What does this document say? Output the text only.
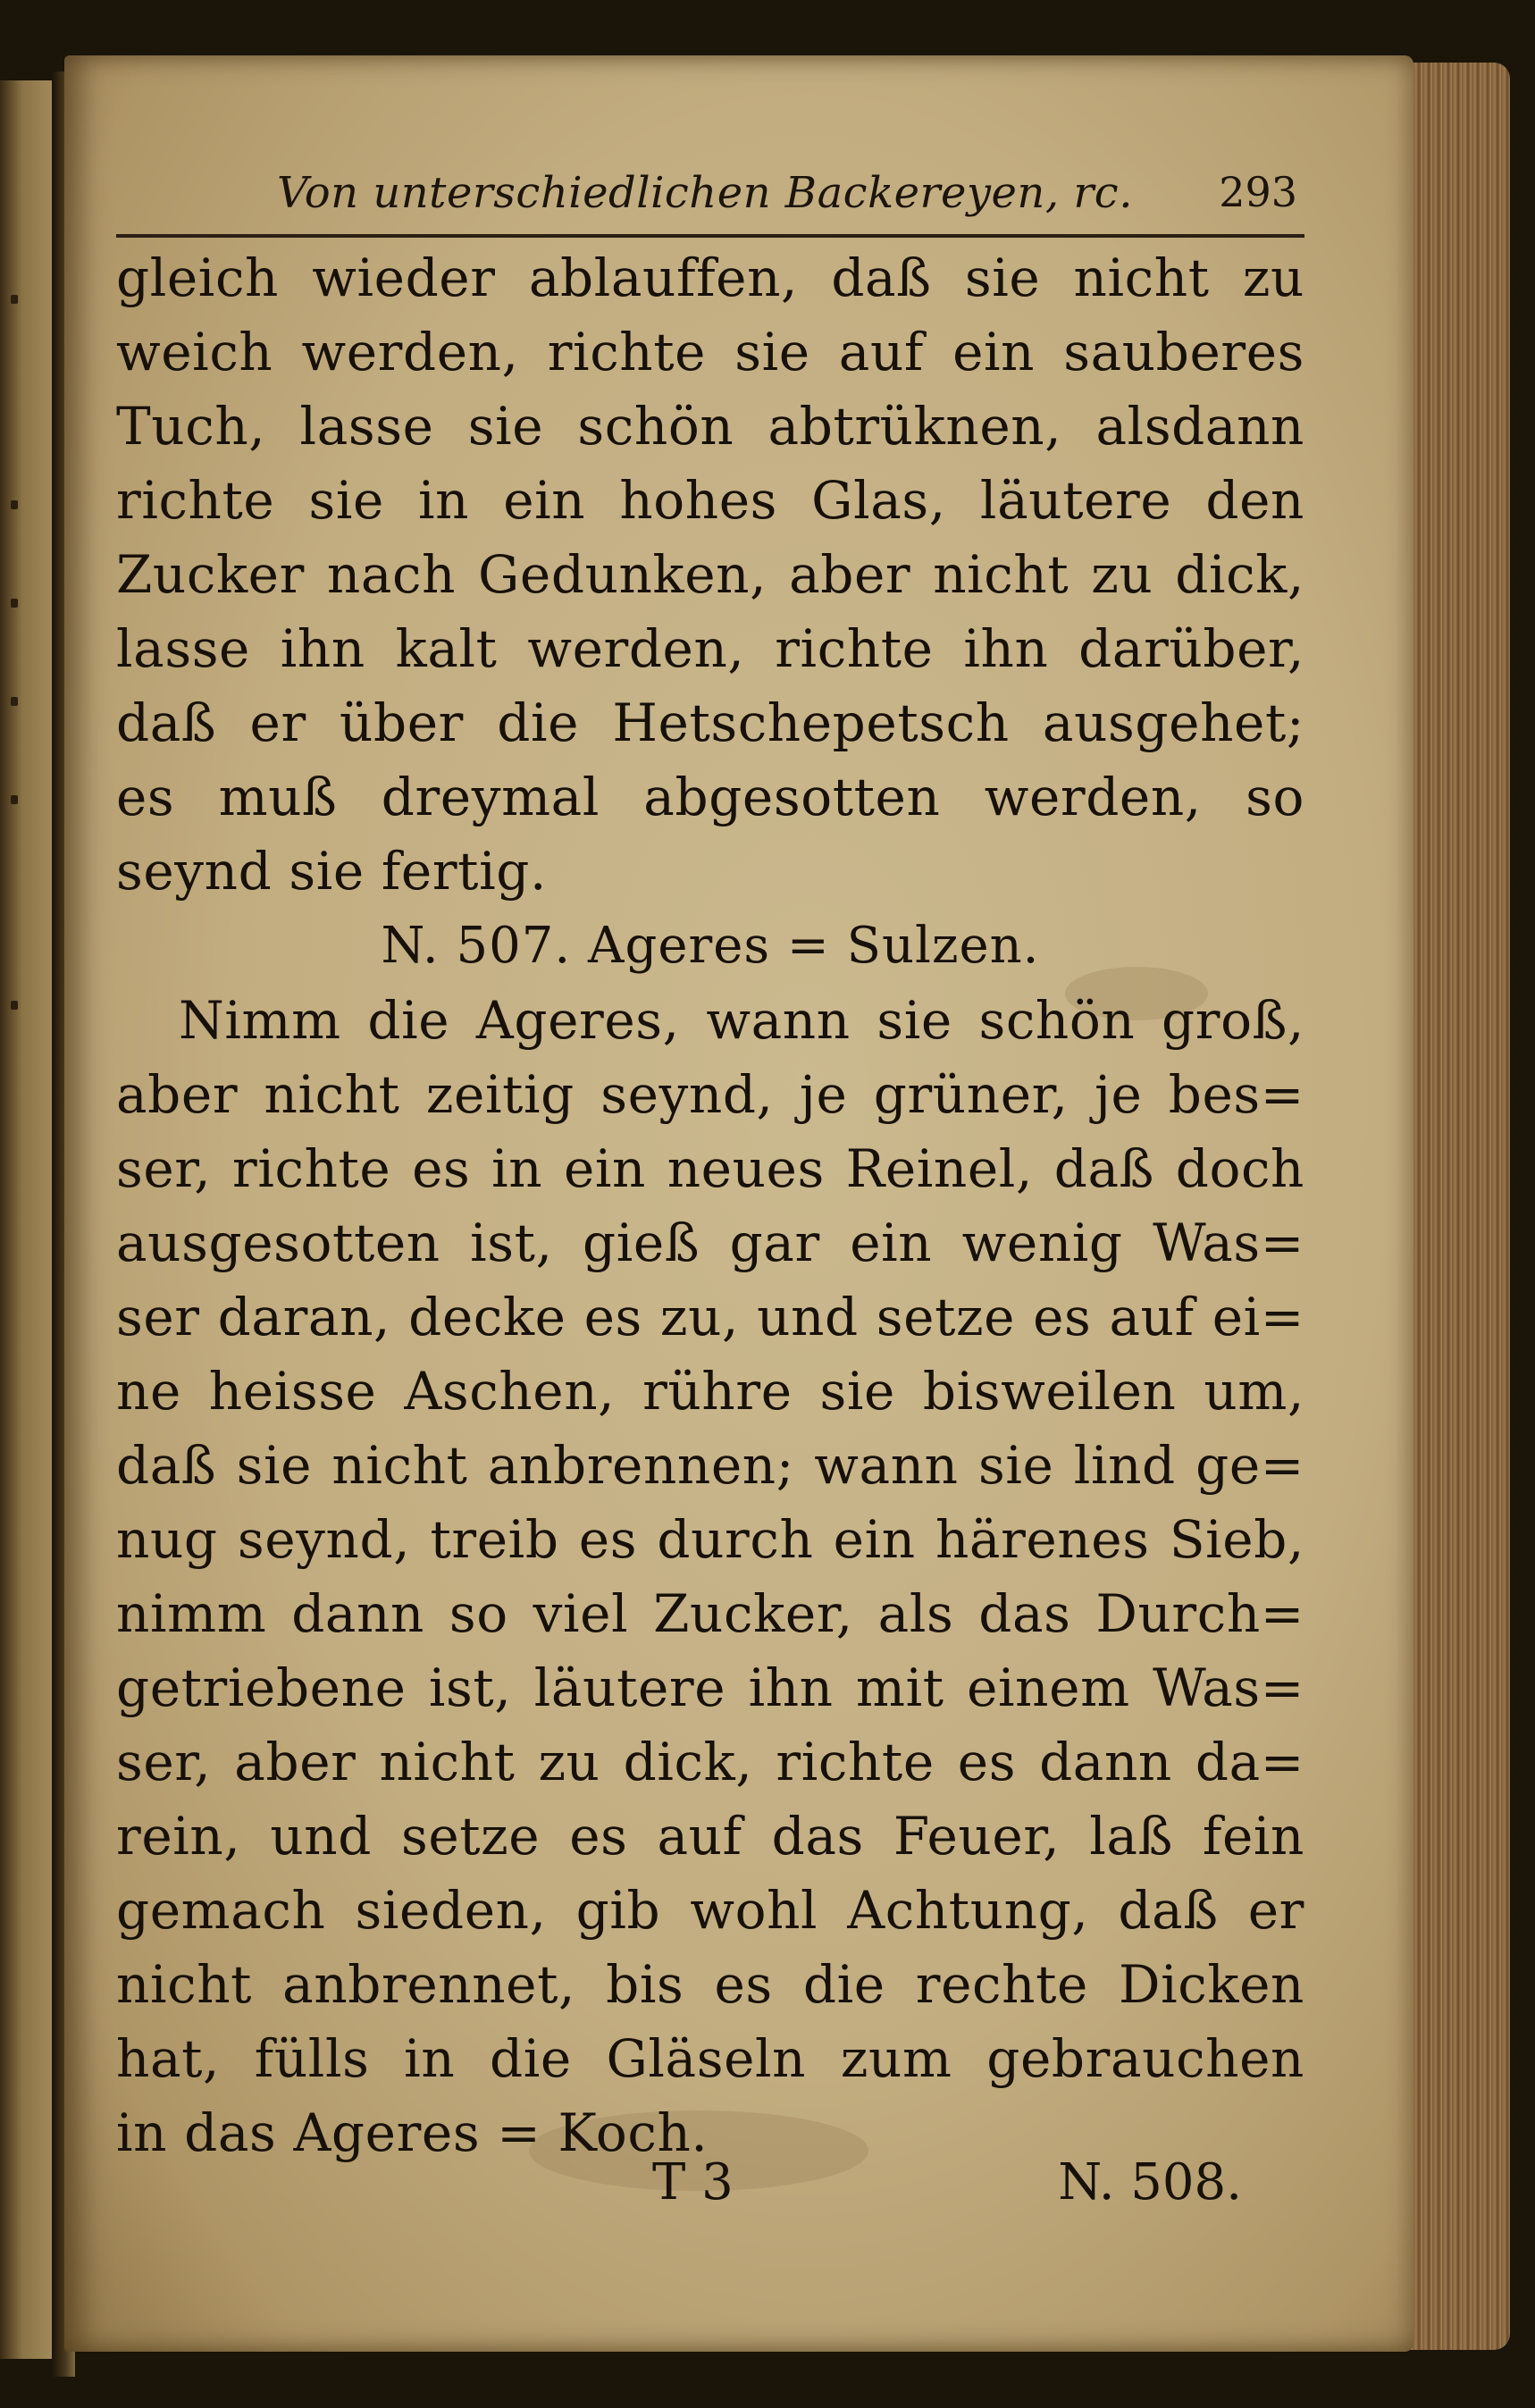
Von unterschiedlichen Backereyen, rc. 293
gleich wieder ablauffen, daß sie nicht zu
weich werden, richte sie auf ein sauberes
Tuch, lasse sie schön abtrüknen, alsdann
richte sie in ein hohes Glas, läutere den
Zucker nach Gedunken, aber nicht zu dick,
lasse ihn kalt werden, richte ihn darüber,
daß er über die Hetschepetsch ausgehet;
es muß dreymal abgesotten werden, so
seynd sie fertig.
N. 507. Ageres = Sulzen.
Nimm die Ageres, wann sie schön groß,
aber nicht zeitig seynd, je grüner, je bes=
ser, richte es in ein neues Reinel, daß doch
ausgesotten ist, gieß gar ein wenig Was=
ser daran, decke es zu, und setze es auf ei=
ne heisse Aschen, rühre sie bisweilen um,
daß sie nicht anbrennen; wann sie lind ge=
nug seynd, treib es durch ein härenes Sieb,
nimm dann so viel Zucker, als das Durch=
getriebene ist, läutere ihn mit einem Was=
ser, aber nicht zu dick, richte es dann da=
rein, und setze es auf das Feuer, laß fein
gemach sieden, gib wohl Achtung, daß er
nicht anbrennet, bis es die rechte Dicken
hat, fülls in die Gläseln zum gebrauchen
in das Ageres = Koch.
T 3	N. 508.
